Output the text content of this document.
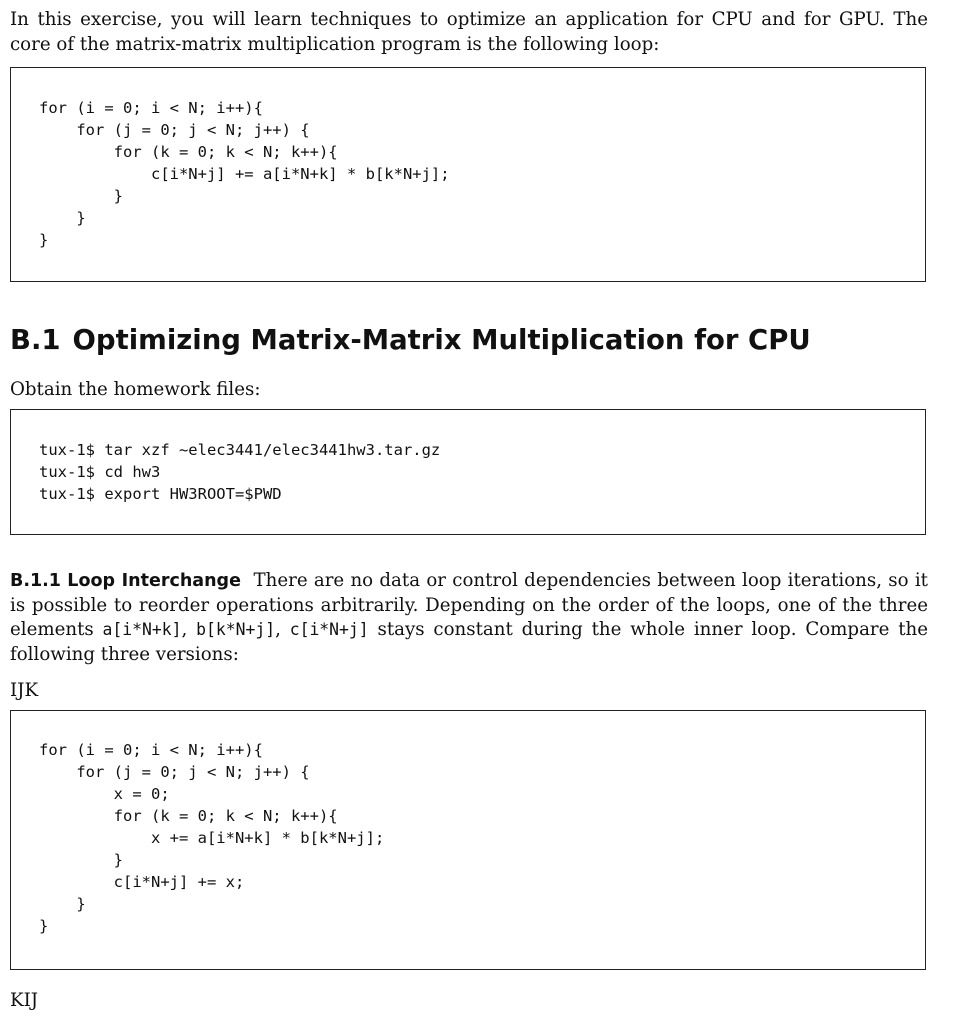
In this exercise, you will learn techniques to optimize an application for CPU and for GPU. The core of the matrix-matrix multiplication program is the following loop:

for (i = 0; i < N; i++){
for (j = 0; j < N; j++) {
for (k = 0; k < N; k++){
c[i*N+j] += a[i*N+k] * b[k*N+j];
}
}
}
B.1 Optimizing Matrix-Matrix Multiplication for CPU

Obtain the homework files:

tux-1$ tar xzf ~elec3441/elec3441hw3.tar.gz
tux-1$ cd hw3
tux-1$ export HW3ROOT=$PWD

B.1.1 Loop Interchange There are no data or control dependencies between loop iterations, so it is possible to reorder operations arbitrarily. Depending on the order of the loops, one of the three elements a[i*N+k], b[k*N+j], c[i*N+j] stays constant during the whole inner loop. Compare the following three versions:

IJK
for (i = 0; i < N; i++){
for (j = 0; j < N; j++) {
x = 0;
for (k = 0; k < N; k++){
x += a[i*N+k] * b[k*N+j];
}
c[i*N+j] += x;
}
}
KIJ
